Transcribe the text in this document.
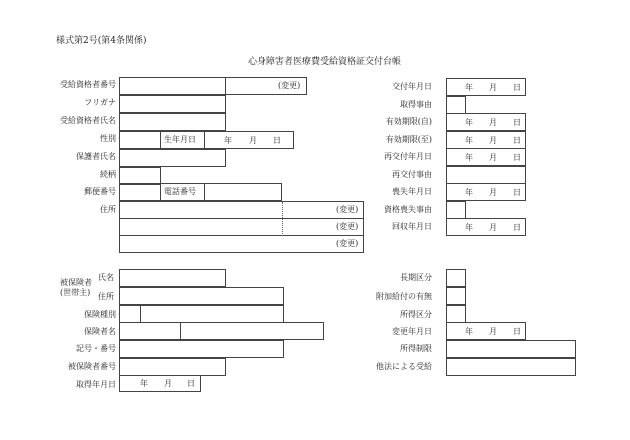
様式第2号(第4条関係)
心身障害者医療費受給資格証交付台帳
受給資格者番号
フリガナ
受給資格者氏名
性別
保護者氏名
続柄
郵便番号
住所
(変更)
生年月日	年 月 日
電話番号
(変更)
(変更)
(変更)
交付年月日
取得事由
有効期限(自)
有効期限(至)
再交付年月日
再交付事由
喪失年月日
資格喪失事由
回収年月日
年 月 日
年 月 日
年 月 日
年 月 日
年 月 日
年 月 日
被保険者
(世帯主)
氏名
住所
保険種別
保険者名
記号・番号
被保険者番号
取得年月日	年 月 日
長期区分
附加給付の有無
所得区分
変更年月日
所得制限
他法による受給
年 月 日
